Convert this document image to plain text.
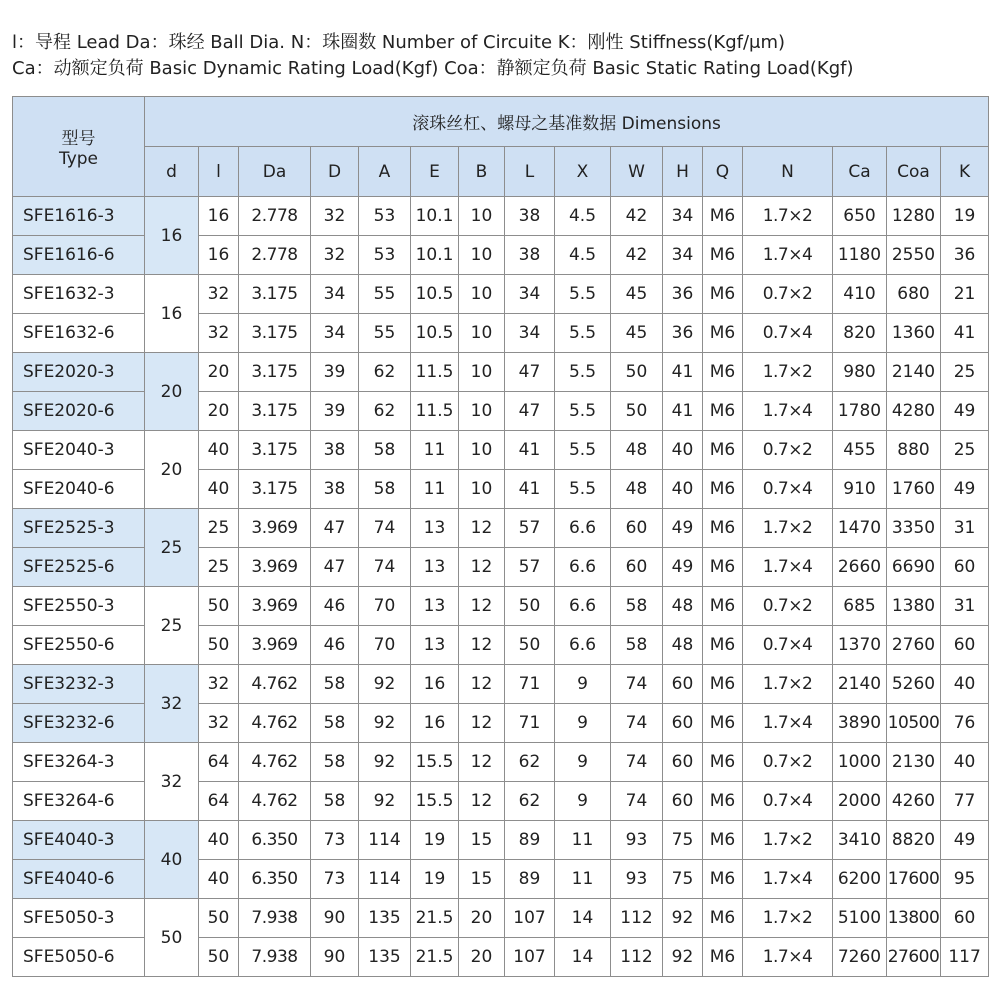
l：导程 Lead Da：珠经 Ball Dia. N：珠圈数 Number of Circuite K：刚性 Stiffness(Kgf/μm)
Ca：动额定负荷 Basic Dynamic Rating Load(Kgf) Coa：静额定负荷 Basic Static Rating Load(Kgf)
型号
Type	滚珠丝杠、螺母之基准数据 Dimensions															
	d	l	Da	D	A	E	B	L	X	W	H	Q	N	Ca	Coa	K
SFE1616-3	16	16	2.778	32	53	10.1	10	38	4.5	42	34	M6	1.7×2	650	1280	19
SFE1616-6		16	2.778	32	53	10.1	10	38	4.5	42	34	M6	1.7×4	1180	2550	36
SFE1632-3	16	32	3.175	34	55	10.5	10	34	5.5	45	36	M6	0.7×2	410	680	21
SFE1632-6		32	3.175	34	55	10.5	10	34	5.5	45	36	M6	0.7×4	820	1360	41
SFE2020-3	20	20	3.175	39	62	11.5	10	47	5.5	50	41	M6	1.7×2	980	2140	25
SFE2020-6		20	3.175	39	62	11.5	10	47	5.5	50	41	M6	1.7×4	1780	4280	49
SFE2040-3	20	40	3.175	38	58	11	10	41	5.5	48	40	M6	0.7×2	455	880	25
SFE2040-6		40	3.175	38	58	11	10	41	5.5	48	40	M6	0.7×4	910	1760	49
SFE2525-3	25	25	3.969	47	74	13	12	57	6.6	60	49	M6	1.7×2	1470	3350	31
SFE2525-6		25	3.969	47	74	13	12	57	6.6	60	49	M6	1.7×4	2660	6690	60
SFE2550-3	25	50	3.969	46	70	13	12	50	6.6	58	48	M6	0.7×2	685	1380	31
SFE2550-6		50	3.969	46	70	13	12	50	6.6	58	48	M6	0.7×4	1370	2760	60
SFE3232-3	32	32	4.762	58	92	16	12	71	9	74	60	M6	1.7×2	2140	5260	40
SFE3232-6		32	4.762	58	92	16	12	71	9	74	60	M6	1.7×4	3890	10500	76
SFE3264-3	32	64	4.762	58	92	15.5	12	62	9	74	60	M6	0.7×2	1000	2130	40
SFE3264-6		64	4.762	58	92	15.5	12	62	9	74	60	M6	0.7×4	2000	4260	77
SFE4040-3	40	40	6.350	73	114	19	15	89	11	93	75	M6	1.7×2	3410	8820	49
SFE4040-6		40	6.350	73	114	19	15	89	11	93	75	M6	1.7×4	6200	17600	95
SFE5050-3	50	50	7.938	90	135	21.5	20	107	14	112	92	M6	1.7×2	5100	13800	60
SFE5050-6		50	7.938	90	135	21.5	20	107	14	112	92	M6	1.7×4	7260	27600	117
